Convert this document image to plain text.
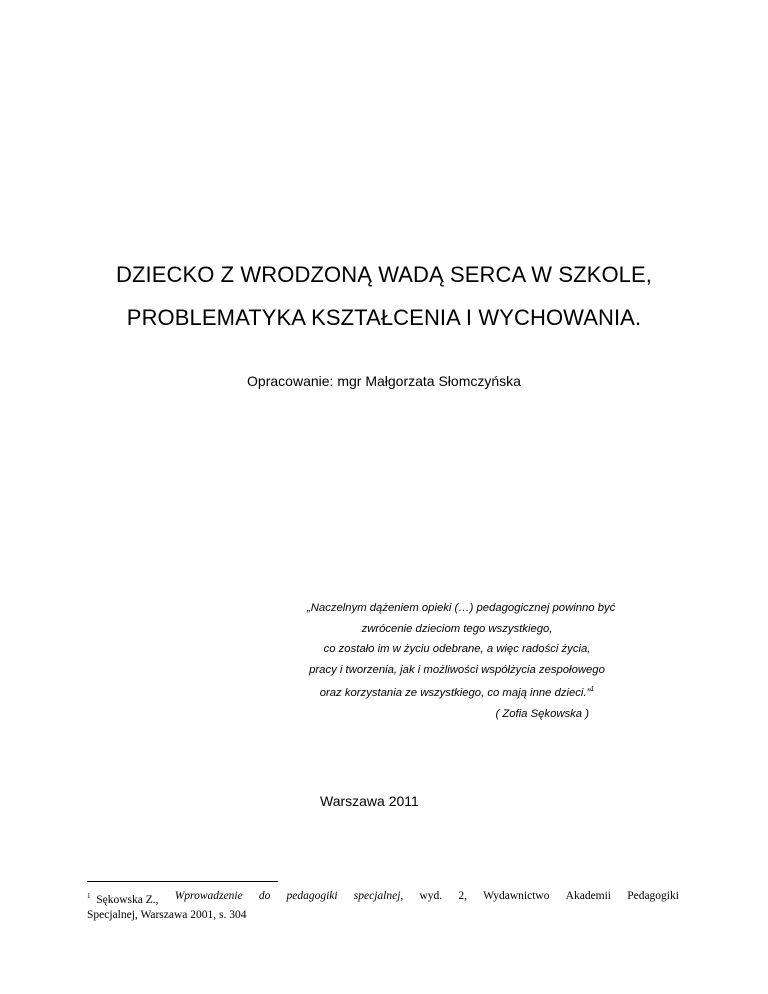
DZIECKO Z WRODZONĄ WADĄ SERCA W SZKOLE,
PROBLEMATYKA KSZTAŁCENIA I WYCHOWANIA.
Opracowanie: mgr Małgorzata Słomczyńska
„Naczelnym dążeniem opieki (…) pedagogicznej powinno być
zwrócenie dzieciom tego wszystkiego,
co zostało im w życiu odebrane, a więc radości życia,
pracy i tworzenia, jak i możliwości współżycia zespołowego
oraz korzystania ze wszystkiego, co mają inne dzieci.”$^1$
( Zofia Sękowska )
Warszawa 2011
$^1$ Sękowska Z., Wprowadzenie do pedagogiki specjalnej, wyd. 2, Wydawnictwo Akademii Pedagogiki
Specjalnej, Warszawa 2001, s. 304
